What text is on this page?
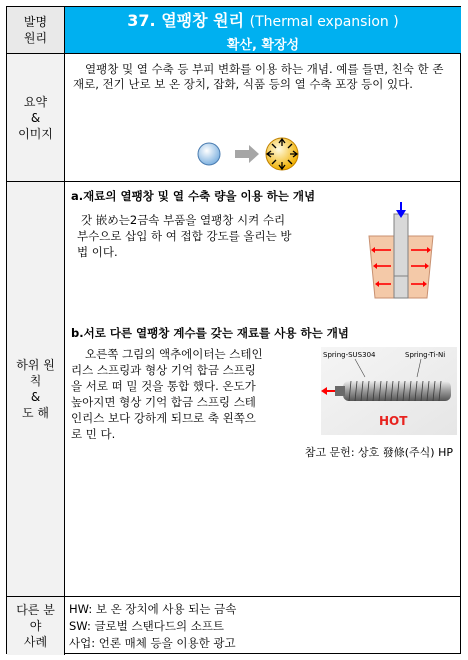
발명
원리
37. 열팽창 원리 (Thermal expansion )
확산, 확장성
요약
&
이미지

열팽창 및 열 수축 등 부피 변화를 이용 하는 개념. 예를 들면, 친숙 한 존재로, 전기 난로 보 온 장치, 잡화, 식품 등의 열 수축 포장 등이 있다.

하위 원
칙
&
도 해
a.재료의 열팽창 및 열 수축 량을 이용 하는 개념
갓 嵌め는2금속 부품을 열팽창 시켜 수리
부수으로 삽입 하 여 접합 강도를 올리는 방
법 이다.
b.서로 다른 열팽창 계수를 갖는 재료를 사용 하는 개념
오른쪽 그림의 액추에이터는 스테인
리스 스프링과 형상 기억 합금 스프링
을 서로 떠 밀 것을 통합 했다. 온도가
높아지면 형상 기억 합금 스프링 스테
인리스 보다 강하게 되므로 축 왼쪽으
로 민 다.
Spring-SUS304	Spring-Ti-Ni
HOT
참고 문헌: 상호 發條(주식) HP
다른 분
야
사례
HW: 보 온 장치에 사용 되는 금속
SW: 글로벌 스탠다드의 소프트
사업: 언론 매체 등을 이용한 광고
